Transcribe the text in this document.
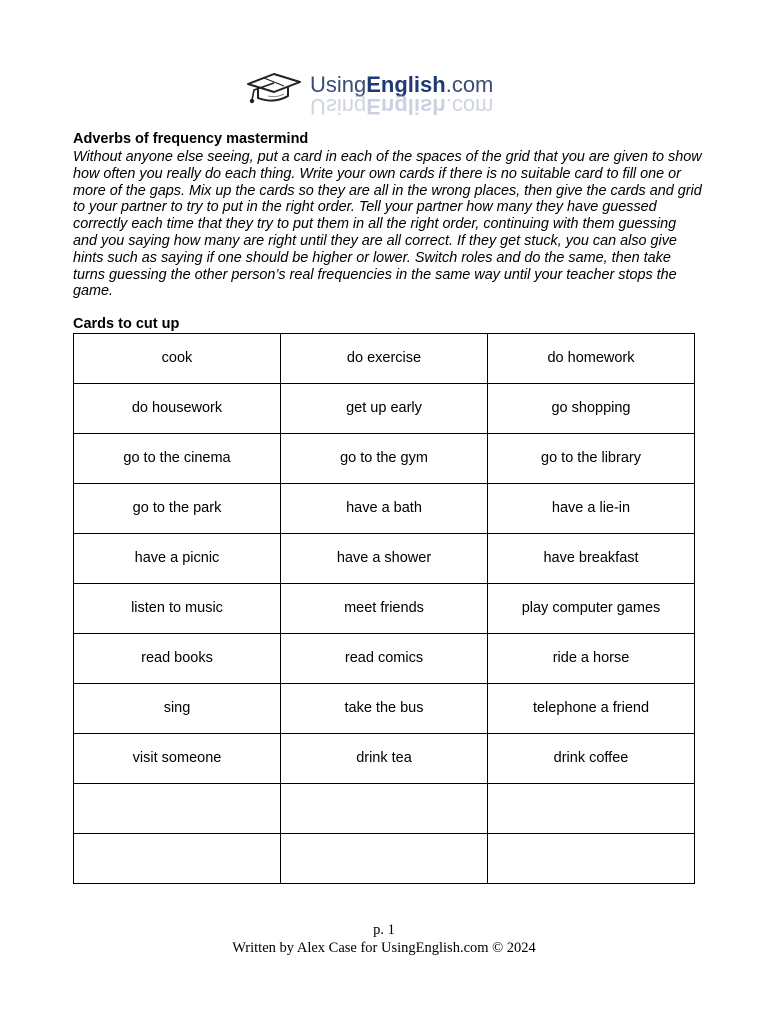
UsingEnglish.com
UsingEnglish.com
Adverbs of frequency mastermind

Without anyone else seeing, put a card in each of the spaces of the grid that you are given to show how often you really do each thing. Write your own cards if there is no suitable card to fill one or more of the gaps. Mix up the cards so they are all in the wrong places, then give the cards and grid to your partner to try to put in the right order. Tell your partner how many they have guessed correctly each time that they try to put them in all the right order, continuing with them guessing and you saying how many are right until they are all correct. If they get stuck, you can also give hints such as saying if one should be higher or lower. Switch roles and do the same, then take turns guessing the other person’s real frequencies in the same way until your teacher stops the game.

Cards to cut up
cook	do exercise	do homework
do housework	get up early	go shopping
go to the cinema	go to the gym	go to the library
go to the park	have a bath	have a lie-in
have a picnic	have a shower	have breakfast
listen to music	meet friends	play computer games
read books	read comics	ride a horse
sing	take the bus	telephone a friend
visit someone	drink tea	drink coffee

p. 1
Written by Alex Case for UsingEnglish.com © 2024
